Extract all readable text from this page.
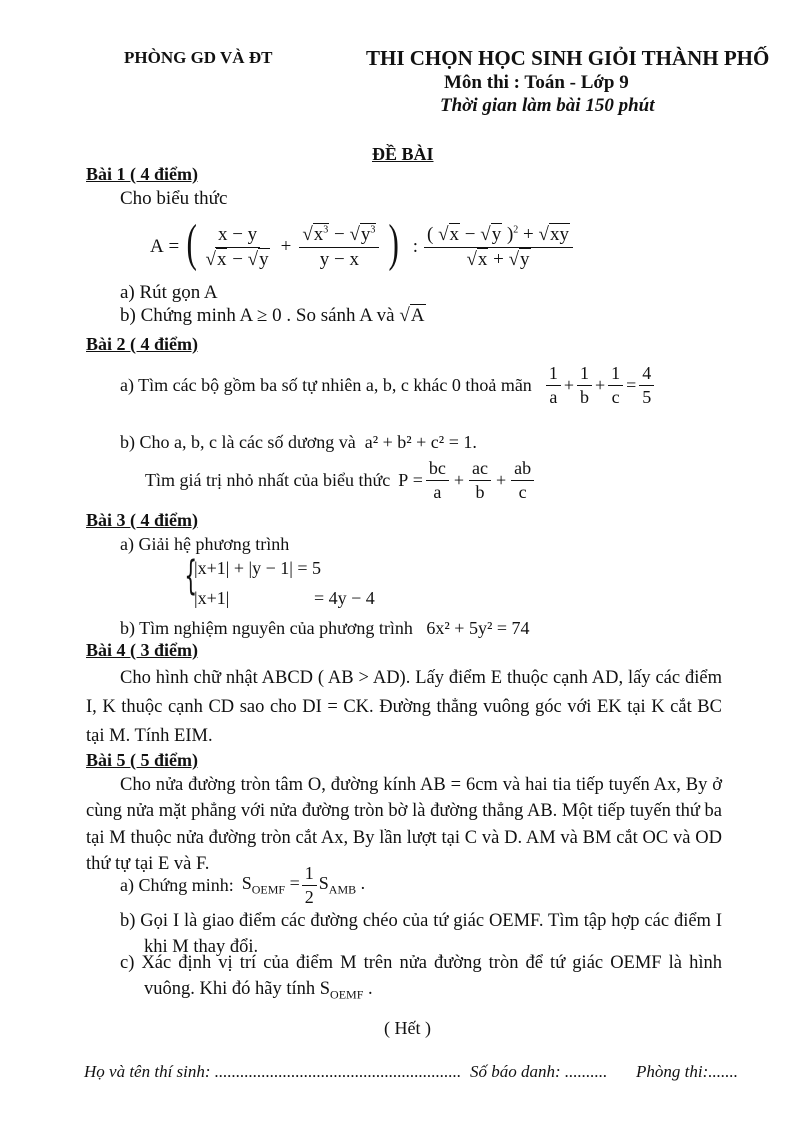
PHÒNG GD VÀ ĐT	THI CHỌN HỌC SINH GIỎI THÀNH PHỐ
Môn thi : Toán - Lớp 9
Thời gian làm bài 150 phút
ĐỀ BÀI
Bài 1 ( 4 điểm)
Cho biểu thức
A = ( $\frac{x - y}{√x - √y} + \frac{√x^3 - √y^3}{y - x}$ ) : $\frac{( √x - √y )^2 + √xy}{√x + √y}$
a) Rút gọn A
b) Chứng minh A ≥ 0 . So sánh A và √A
Bài 2 ( 4 điểm)
a) Tìm các bộ gồm ba số tự nhiên a, b, c khác 0 thoả mãn $\frac{1}{a} + \frac{1}{b} + \frac{1}{c} = \frac{4}{5}$
b) Cho a, b, c là các số dương và a² + b² + c² = 1.
Tìm giá trị nhỏ nhất của biểu thức $P = \frac{bc}{a} + \frac{ac}{b} + \frac{ab}{c}$
Bài 3 ( 4 điểm)
a) Giải hệ phương trình
{
|x+1| + |y − 1| = 5
|x+1|	= 4y − 4
b) Tìm nghiệm nguyên của phương trình 6x² + 5y² = 74
Bài 4 ( 3 điểm)
Cho hình chữ nhật ABCD ( AB > AD). Lấy điểm E thuộc cạnh AD, lấy các điểm I, K thuộc cạnh CD sao cho DI = CK. Đường thẳng vuông góc với EK tại K cắt BC tại M. Tính EIM.
Bài 5 ( 5 điểm)
Cho nửa đường tròn tâm O, đường kính AB = 6cm và hai tia tiếp tuyến Ax, By ở cùng nửa mặt phẳng với nửa đường tròn bờ là đường thẳng AB. Một tiếp tuyến thứ ba tại M thuộc nửa đường tròn cắt Ax, By lần lượt tại C và D. AM và BM cắt OC và OD thứ tự tại E và F.
a) Chứng minh: $S_{OEMF} = \frac{1}{2} S_{AMB}$ .
b) Gọi I là giao điểm các đường chéo của tứ giác OEMF. Tìm tập hợp các điểm I khi M thay đổi.
c) Xác định vị trí của điểm M trên nửa đường tròn để tứ giác OEMF là hình vuông. Khi đó hãy tính $S_{OEMF}$ .
( Hết )
Họ và tên thí sinh: .......................................................... Số báo danh: .......... Phòng thi:.......
